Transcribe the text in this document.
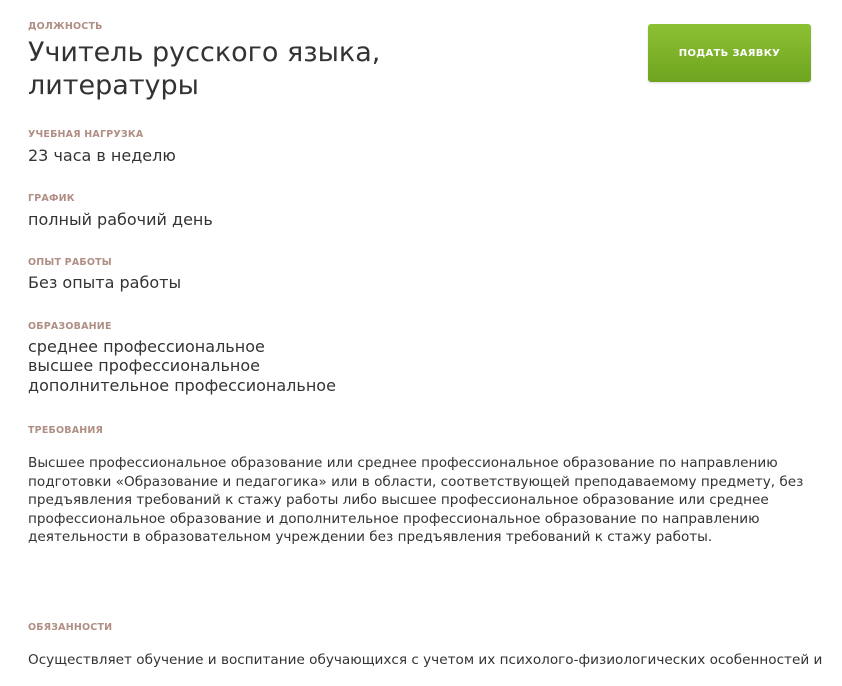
ДОЛЖНОСТЬ
Учитель русского языка,
литературы
ПОДАТЬ ЗАЯВКУ
УЧЕБНАЯ НАГРУЗКА
23 часа в неделю
ГРАФИК
полный рабочий день
ОПЫТ РАБОТЫ
Без опыта работы
ОБРАЗОВАНИЕ
среднее профессиональное
высшее профессиональное
дополнительное профессиональное
ТРЕБОВАНИЯ
Высшее профессиональное образование или среднее профессиональное образование по направлению
подготовки «Образование и педагогика» или в области, соответствующей преподаваемому предмету, без
предъявления требований к стажу работы либо высшее профессиональное образование или среднее
профессиональное образование и дополнительное профессиональное образование по направлению
деятельности в образовательном учреждении без предъявления требований к стажу работы.
ОБЯЗАННОСТИ
Осуществляет обучение и воспитание обучающихся с учетом их психолого-физиологических особенностей и
